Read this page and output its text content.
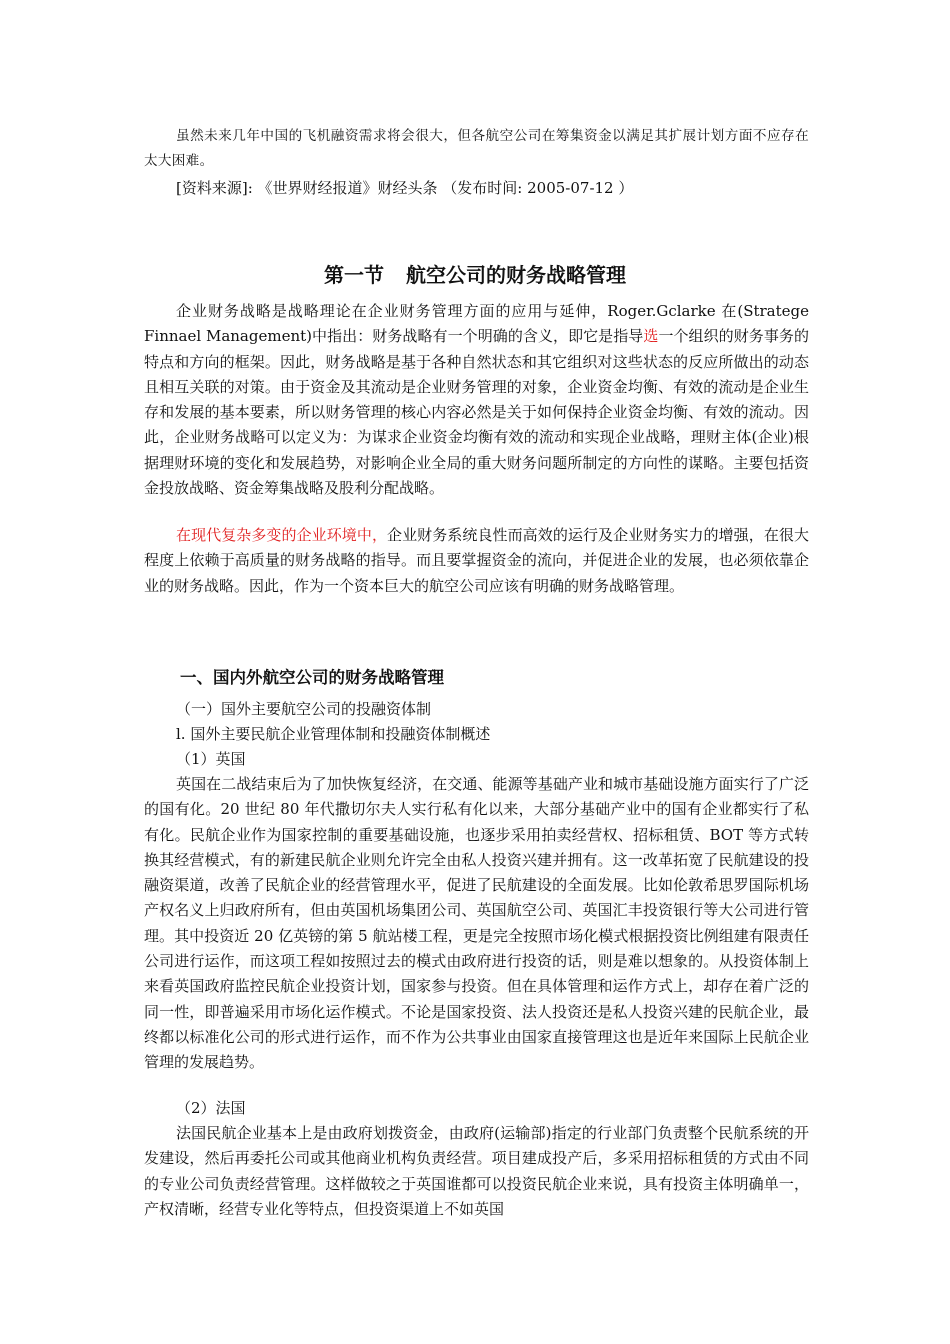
虽然未来几年中国的飞机融资需求将会很大，但各航空公司在筹集资金以满足其扩展计划方面不应存在太大困难。

[资料来源]: 《世界财经报道》财经头条 （发布时间: 2005-07-12 ）

第一节 航空公司的财务战略管理

企业财务战略是战略理论在企业财务管理方面的应用与延伸，Roger.Gclarke 在(Stratege Finnael Management)中指出：财务战略有一个明确的含义，即它是指导选一个组织的财务事务的特点和方向的框架。因此，财务战略是基于各种自然状态和其它组织对这些状态的反应所做出的动态且相互关联的对策。由于资金及其流动是企业财务管理的对象，企业资金均衡、有效的流动是企业生存和发展的基本要素，所以财务管理的核心内容必然是关于如何保持企业资金均衡、有效的流动。因此，企业财务战略可以定义为：为谋求企业资金均衡有效的流动和实现企业战略，理财主体(企业)根据理财环境的变化和发展趋势，对影响企业全局的重大财务问题所制定的方向性的谋略。主要包括资金投放战略、资金筹集战略及股利分配战略。

在现代复杂多变的企业环境中，企业财务系统良性而高效的运行及企业财务实力的增强，在很大程度上依赖于高质量的财务战略的指导。而且要掌握资金的流向，并促进企业的发展，也必须依靠企业的财务战略。因此，作为一个资本巨大的航空公司应该有明确的财务战略管理。

一、国内外航空公司的财务战略管理

（一）国外主要航空公司的投融资体制

l. 国外主要民航企业管理体制和投融资体制概述

（1）英国

英国在二战结束后为了加快恢复经济，在交通、能源等基础产业和城市基础设施方面实行了广泛的国有化。20 世纪 80 年代撒切尔夫人实行私有化以来，大部分基础产业中的国有企业都实行了私有化。民航企业作为国家控制的重要基础设施，也逐步采用拍卖经营权、招标租赁、BOT 等方式转换其经营模式，有的新建民航企业则允许完全由私人投资兴建并拥有。这一改革拓宽了民航建设的投融资渠道，改善了民航企业的经营管理水平，促进了民航建设的全面发展。比如伦敦希思罗国际机场产权名义上归政府所有，但由英国机场集团公司、英国航空公司、英国汇丰投资银行等大公司进行管理。其中投资近 20 亿英镑的第 5 航站楼工程，更是完全按照市场化模式根据投资比例组建有限责任公司进行运作，而这项工程如按照过去的模式由政府进行投资的话，则是难以想象的。从投资体制上来看英国政府监控民航企业投资计划，国家参与投资。但在具体管理和运作方式上，却存在着广泛的同一性，即普遍采用市场化运作模式。不论是国家投资、法人投资还是私人投资兴建的民航企业，最终都以标准化公司的形式进行运作，而不作为公共事业由国家直接管理这也是近年来国际上民航企业管理的发展趋势。

（2）法国

法国民航企业基本上是由政府划拨资金，由政府(运输部)指定的行业部门负责整个民航系统的开发建设，然后再委托公司或其他商业机构负责经营。项目建成投产后，多采用招标租赁的方式由不同的专业公司负责经营管理。这样做较之于英国谁都可以投资民航企业来说，具有投资主体明确单一，产权清晰，经营专业化等特点，但投资渠道上不如英国
